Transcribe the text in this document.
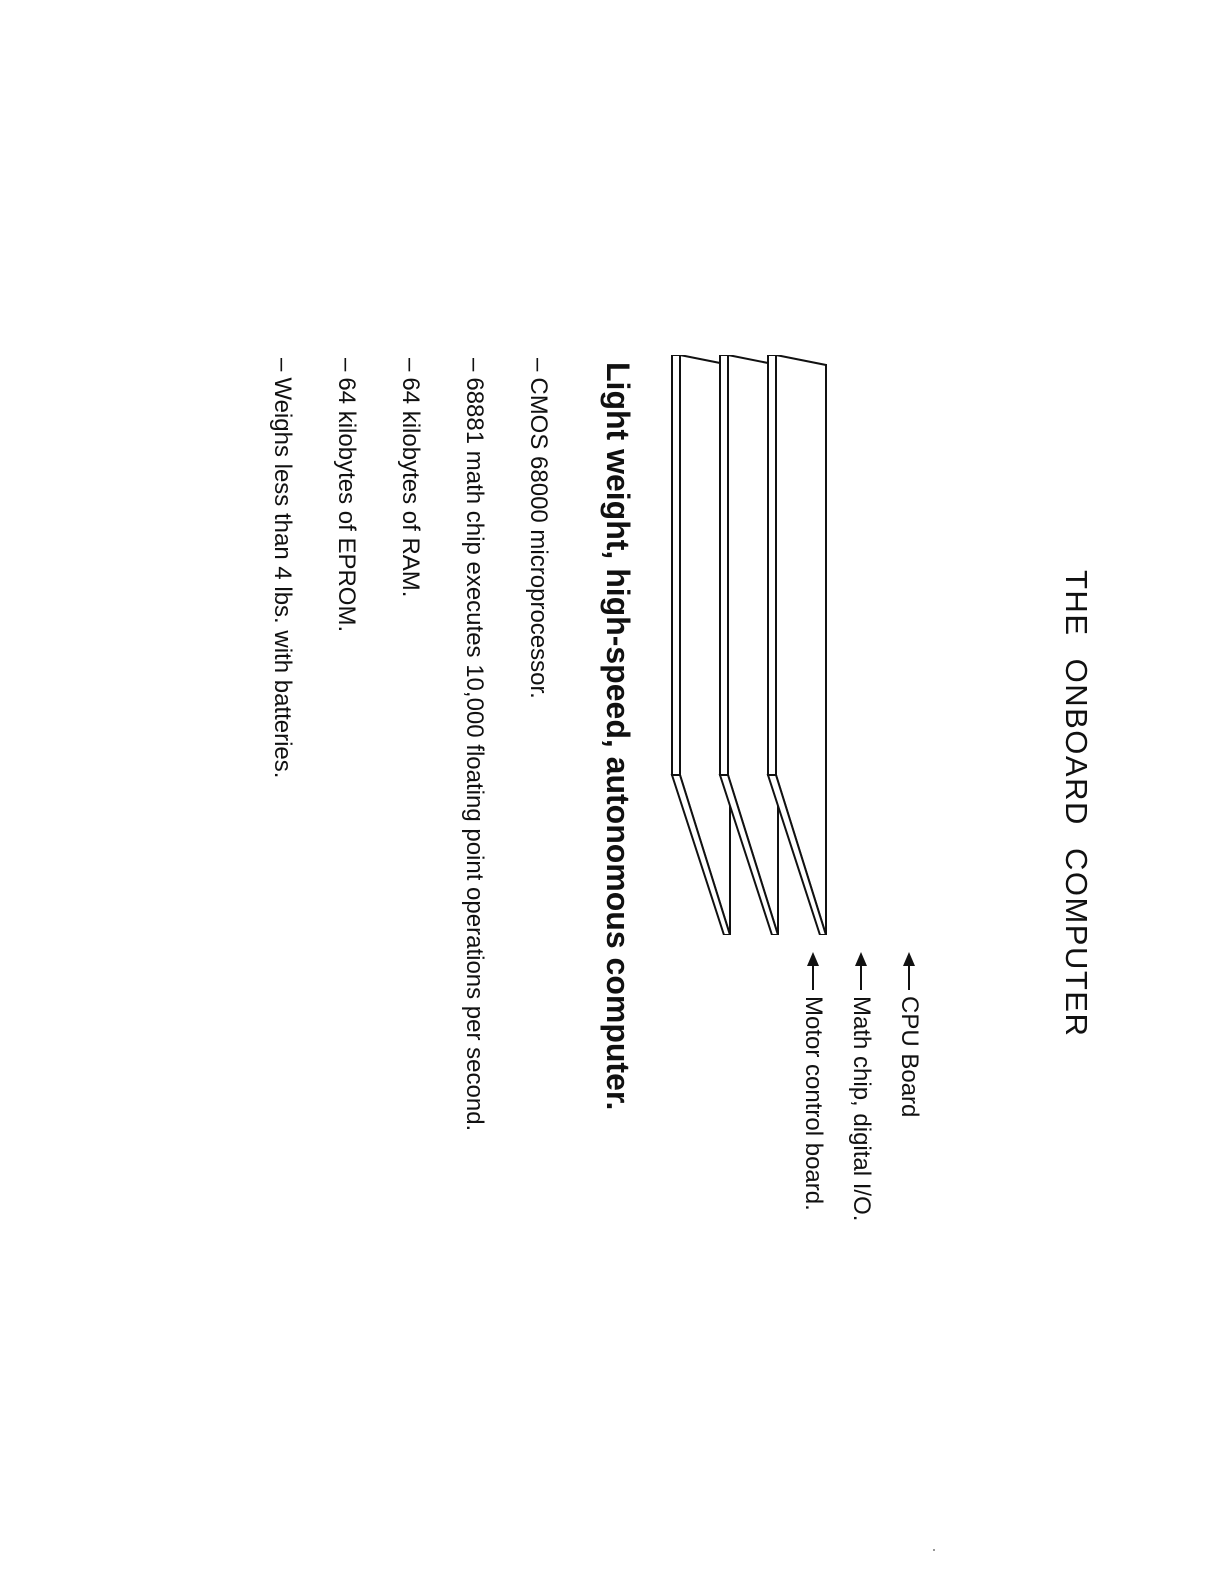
THE ONBOARD COMPUTER
CPU Board
Math chip, digital I/O.
Motor control board.
Light weight, high-speed, autonomous computer.
–CMOS 68000 microprocessor.
–68881 math chip executes 10,000 floating point operations per second.
–64 kilobytes of RAM.
–64 kilobytes of EPROM.
–Weighs less than 4 lbs. with batteries.
